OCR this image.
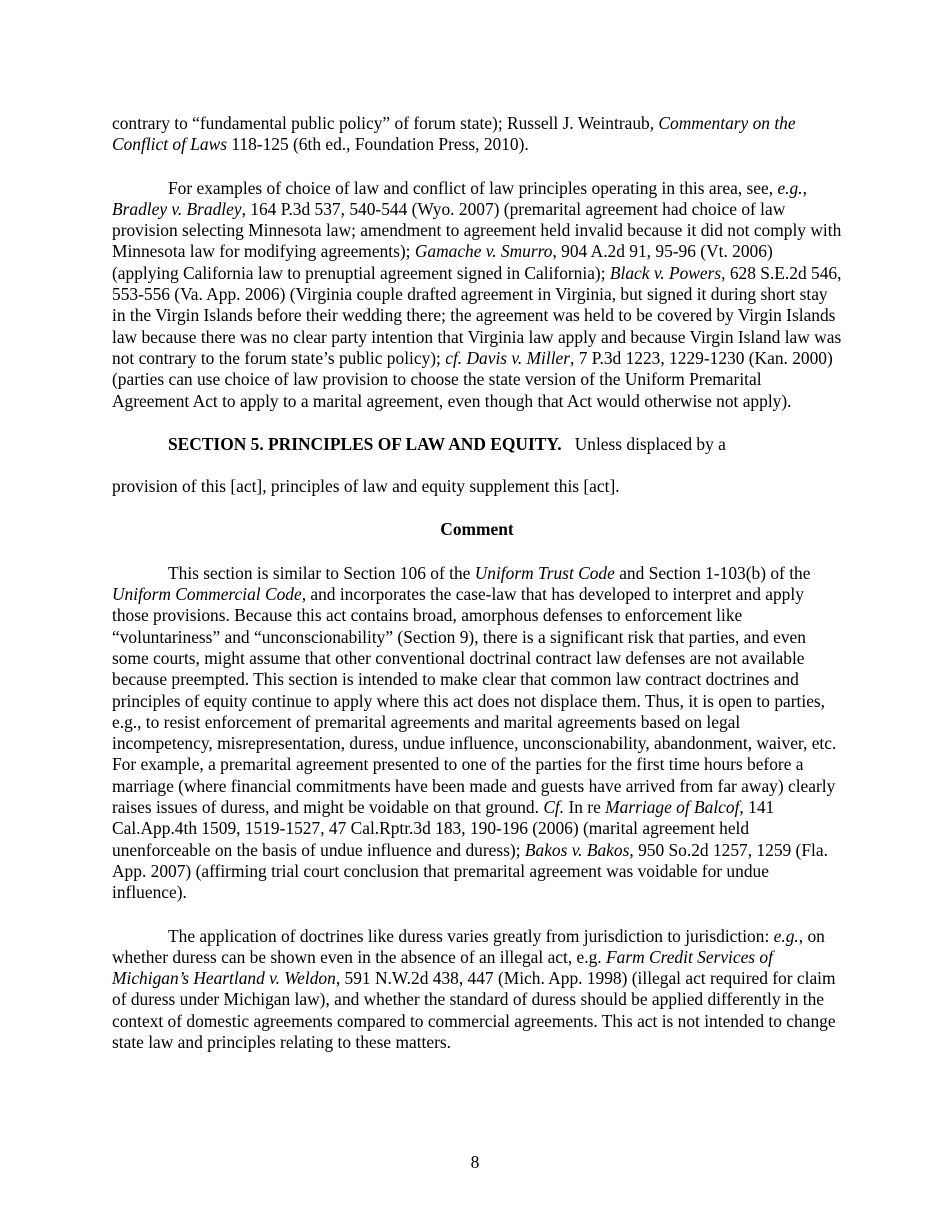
contrary to “fundamental public policy” of forum state); Russell J. Weintraub, Commentary on the Conflict of Laws 118-125 (6th ed., Foundation Press, 2010).

For examples of choice of law and conflict of law principles operating in this area, see, e.g., Bradley v. Bradley, 164 P.3d 537, 540-544 (Wyo. 2007) (premarital agreement had choice of law provision selecting Minnesota law; amendment to agreement held invalid because it did not comply with Minnesota law for modifying agreements); Gamache v. Smurro, 904 A.2d 91, 95-96 (Vt. 2006) (applying California law to prenuptial agreement signed in California); Black v. Powers, 628 S.E.2d 546, 553-556 (Va. App. 2006) (Virginia couple drafted agreement in Virginia, but signed it during short stay in the Virgin Islands before their wedding there; the agreement was held to be covered by Virgin Islands law because there was no clear party intention that Virginia law apply and because Virgin Island law was not contrary to the forum state’s public policy); cf. Davis v. Miller, 7 P.3d 1223, 1229-1230 (Kan. 2000) (parties can use choice of law provision to choose the state version of the Uniform Premarital Agreement Act to apply to a marital agreement, even though that Act would otherwise not apply).

SECTION 5. PRINCIPLES OF LAW AND EQUITY. Unless displaced by a

provision of this [act], principles of law and equity supplement this [act].

Comment

This section is similar to Section 106 of the Uniform Trust Code and Section 1-103(b) of the Uniform Commercial Code, and incorporates the case-law that has developed to interpret and apply those provisions. Because this act contains broad, amorphous defenses to enforcement like “voluntariness” and “unconscionability” (Section 9), there is a significant risk that parties, and even some courts, might assume that other conventional doctrinal contract law defenses are not available because preempted. This section is intended to make clear that common law contract doctrines and principles of equity continue to apply where this act does not displace them. Thus, it is open to parties, e.g., to resist enforcement of premarital agreements and marital agreements based on legal incompetency, misrepresentation, duress, undue influence, unconscionability, abandonment, waiver, etc. For example, a premarital agreement presented to one of the parties for the first time hours before a marriage (where financial commitments have been made and guests have arrived from far away) clearly raises issues of duress, and might be voidable on that ground. Cf. In re Marriage of Balcof, 141 Cal.App.4th 1509, 1519-1527, 47 Cal.Rptr.3d 183, 190-196 (2006) (marital agreement held unenforceable on the basis of undue influence and duress); Bakos v. Bakos, 950 So.2d 1257, 1259 (Fla. App. 2007) (affirming trial court conclusion that premarital agreement was voidable for undue influence).

The application of doctrines like duress varies greatly from jurisdiction to jurisdiction: e.g., on whether duress can be shown even in the absence of an illegal act, e.g. Farm Credit Services of Michigan’s Heartland v. Weldon, 591 N.W.2d 438, 447 (Mich. App. 1998) (illegal act required for claim of duress under Michigan law), and whether the standard of duress should be applied differently in the context of domestic agreements compared to commercial agreements. This act is not intended to change state law and principles relating to these matters.

8
